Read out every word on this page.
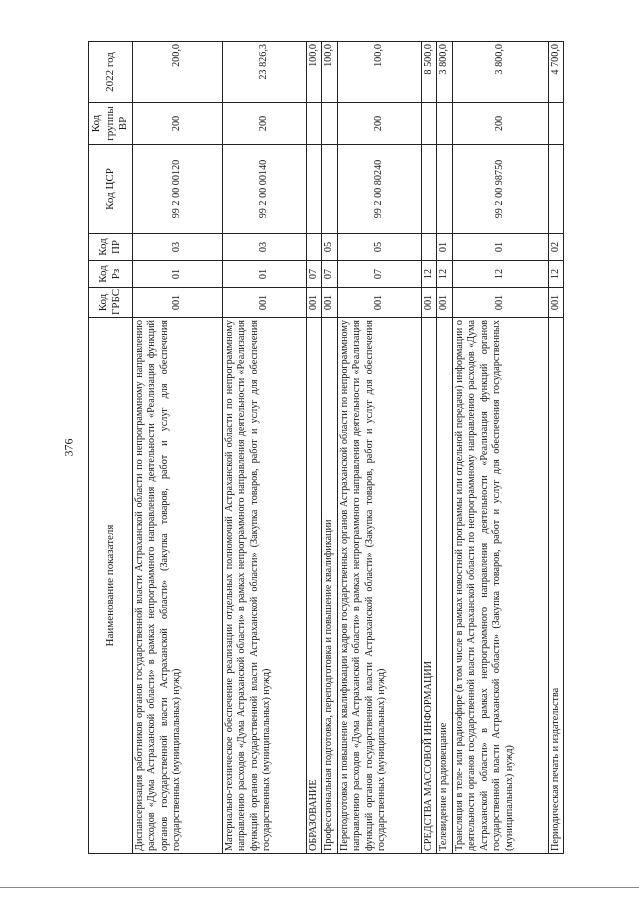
376
Наименование показателя	Код ГРБС	Код Рз	Код ПР	Код ЦСР	Код группы ВР	2022 год
Диспансеризация работников органов государственной власти Астраханской области по непрограммному направлению расходов «Дума Астраханской области» в рамках непрограммного направления деятельности «Реализация функций органов государственной власти Астраханской области» (Закупка товаров, работ и услуг для обеспечения государственных (муниципальных) нужд)	001	01	03	99 2 00 00120	200	200,0
Материально-техническое обеспечение реализации отдельных полномочий Астраханской области по непрограммному направлению расходов «Дума Астраханской области» в рамках непрограммного направления деятельности «Реализация функций органов государственной власти Астраханской области» (Закупка товаров, работ и услуг для обеспечения государственных (муниципальных) нужд)	001	01	03	99 2 00 00140	200	23 826,3
ОБРАЗОВАНИЕ	001	07				100,0
Профессиональная подготовка, переподготовка и повышение квалификации	001	07	05			100,0
Переподготовка и повышение квалификации кадров государственных органов Астраханской области по непрограммному направлению расходов «Дума Астраханской области» в рамках непрограммного направления деятельности «Реализация функций органов государственной власти Астраханской области» (Закупка товаров, работ и услуг для обеспечения государственных (муниципальных) нужд)	001	07	05	99 2 00 80240	200	100,0
СРЕДСТВА МАССОВОЙ ИНФОРМАЦИИ	001	12				8 500,0
Телевидение и радиовещание	001	12	01			3 800,0
Трансляция в теле- или радиоэфире (в том числе в рамках новостной программы или отдельной передачи) информации о деятельности органов государственной власти Астраханской области по непрограммному направлению расходов «Дума Астраханской области» в рамках непрограммного направления деятельности «Реализация функций органов государственной власти Астраханской области» (Закупка товаров, работ и услуг для обеспечения государственных (муниципальных) нужд)	001	12	01	99 2 00 98750	200	3 800,0
Периодическая печать и издательства	001	12	02			4 700,0
